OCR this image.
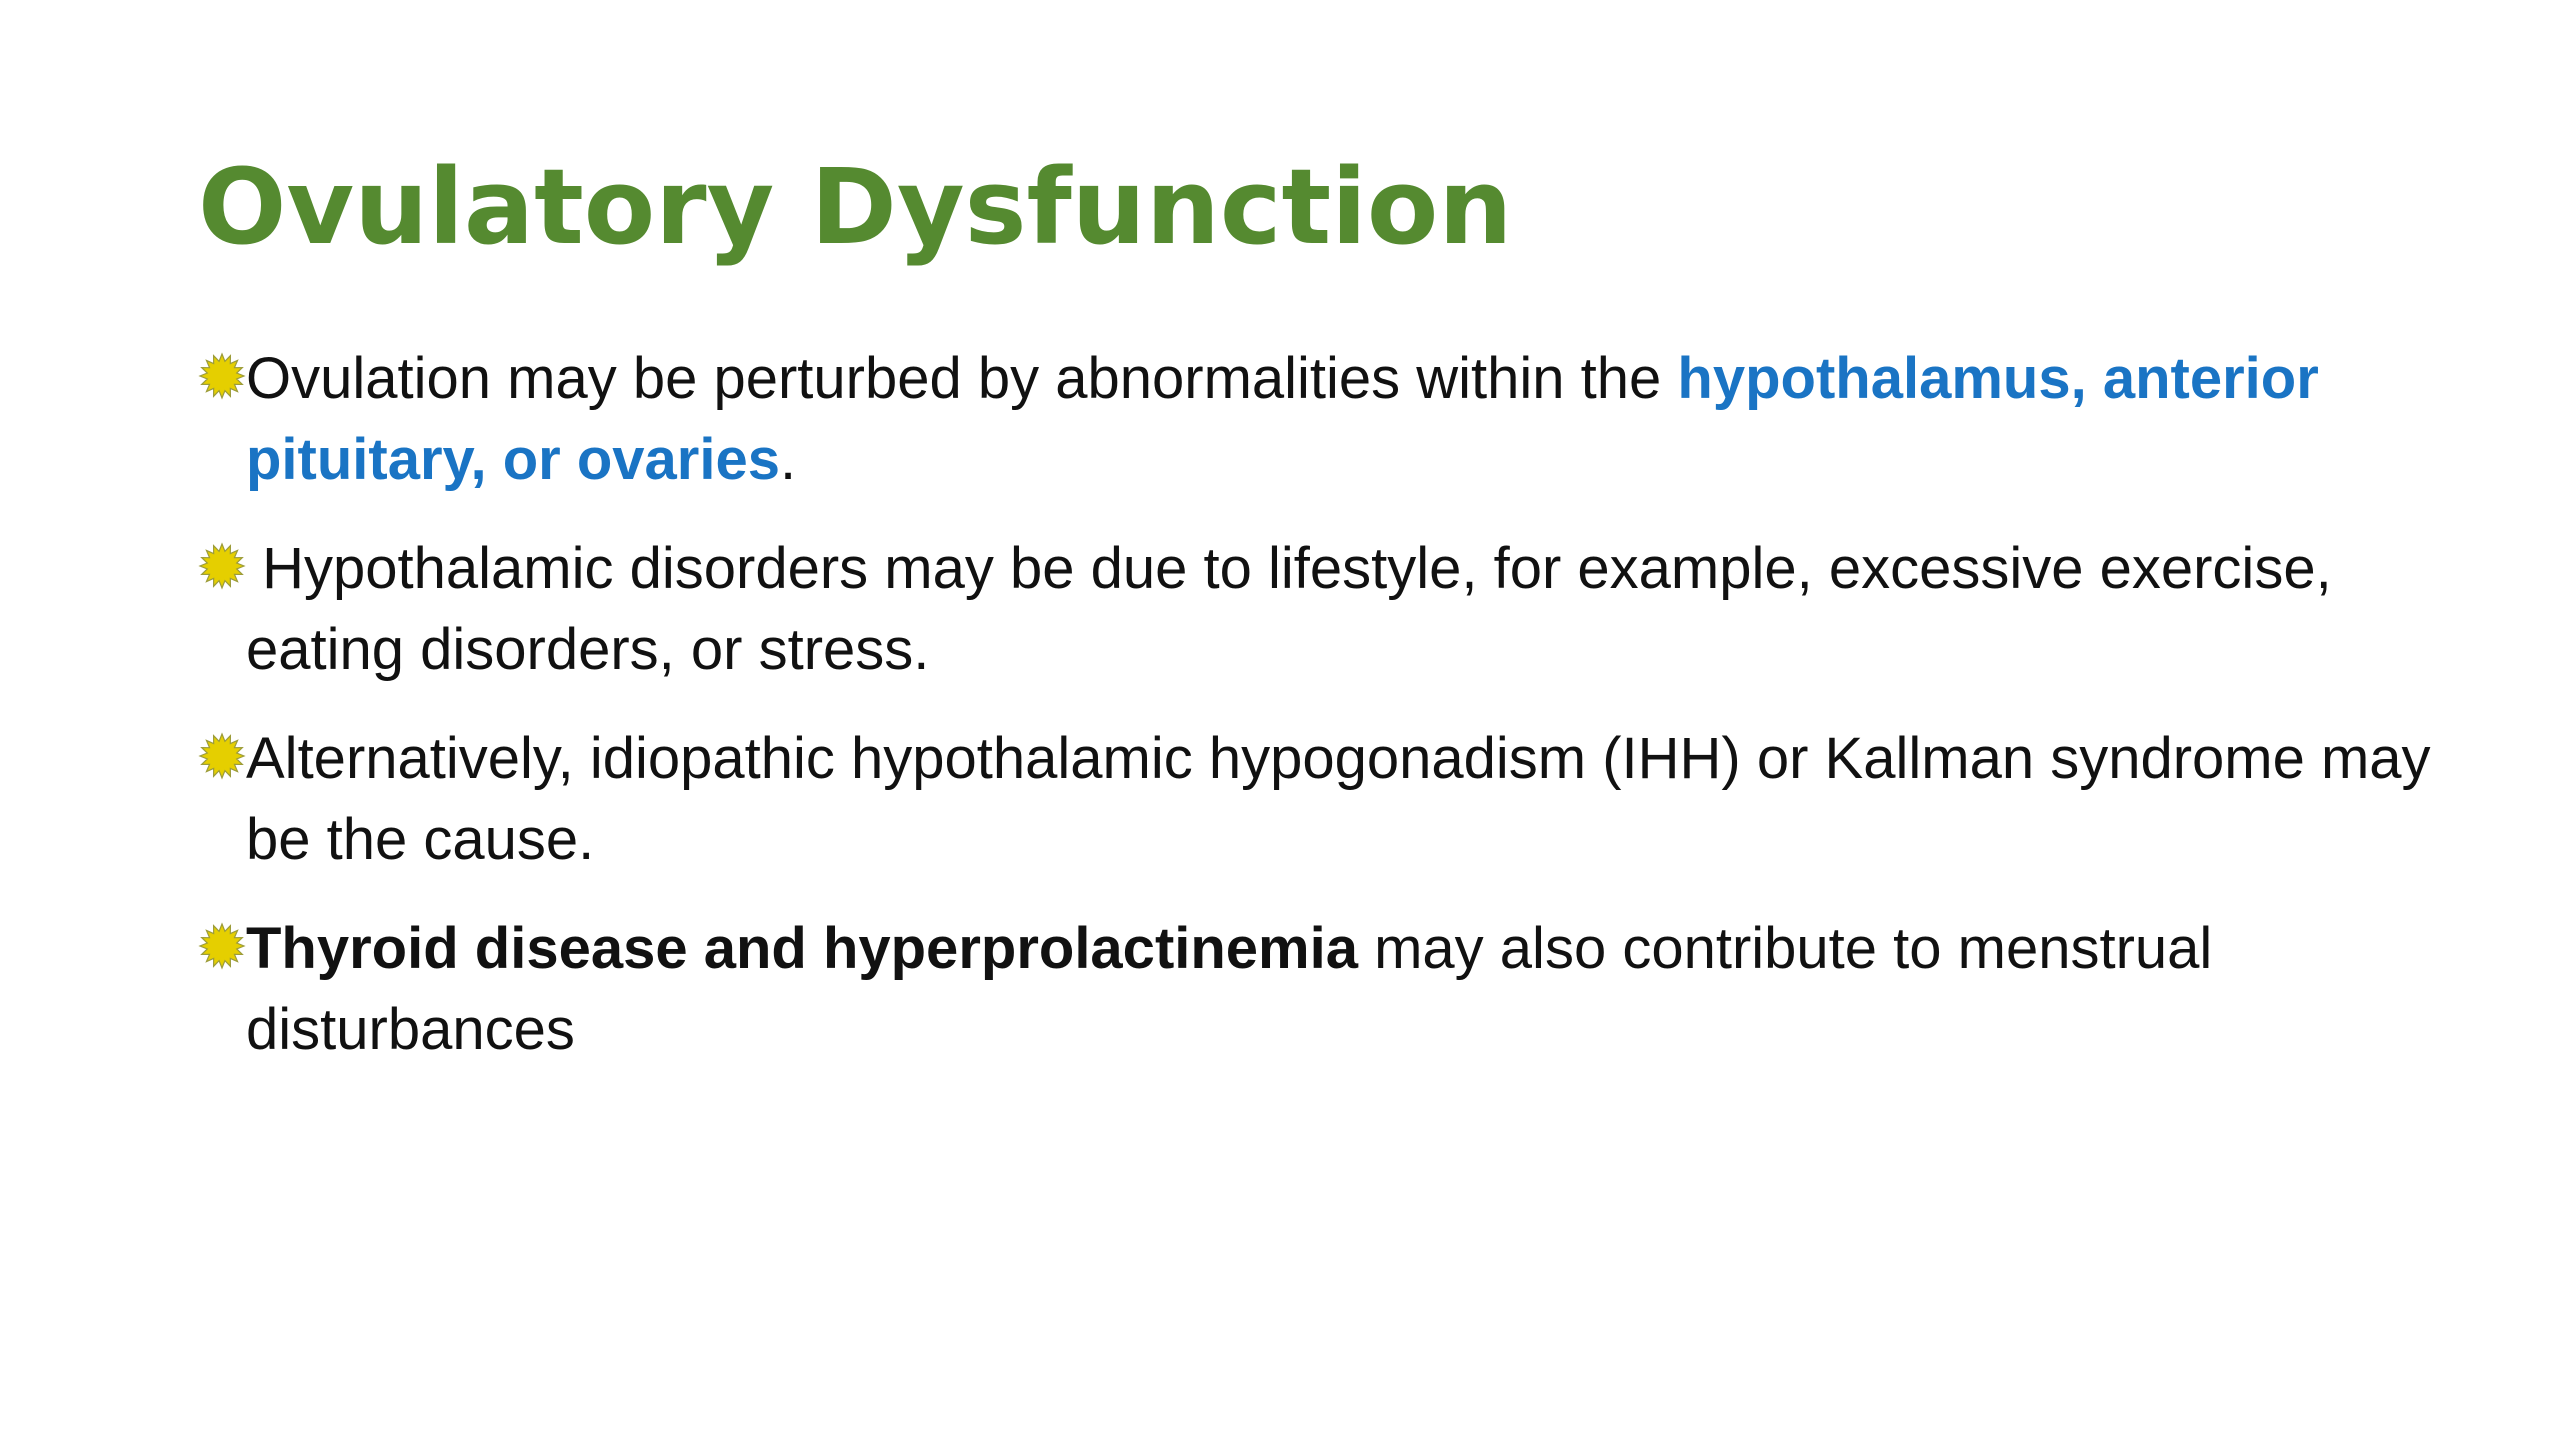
Ovulatory Dysfunction
Ovulation may be perturbed by abnormalities within the hypothalamus, anterior pituitary, or ovaries.
Hypothalamic disorders may be due to lifestyle, for example, excessive exercise, eating disorders, or stress.
Alternatively, idiopathic hypothalamic hypogonadism (IHH) or Kallman syndrome may be the cause.
Thyroid disease and hyperprolactinemia may also contribute to menstrual disturbances
